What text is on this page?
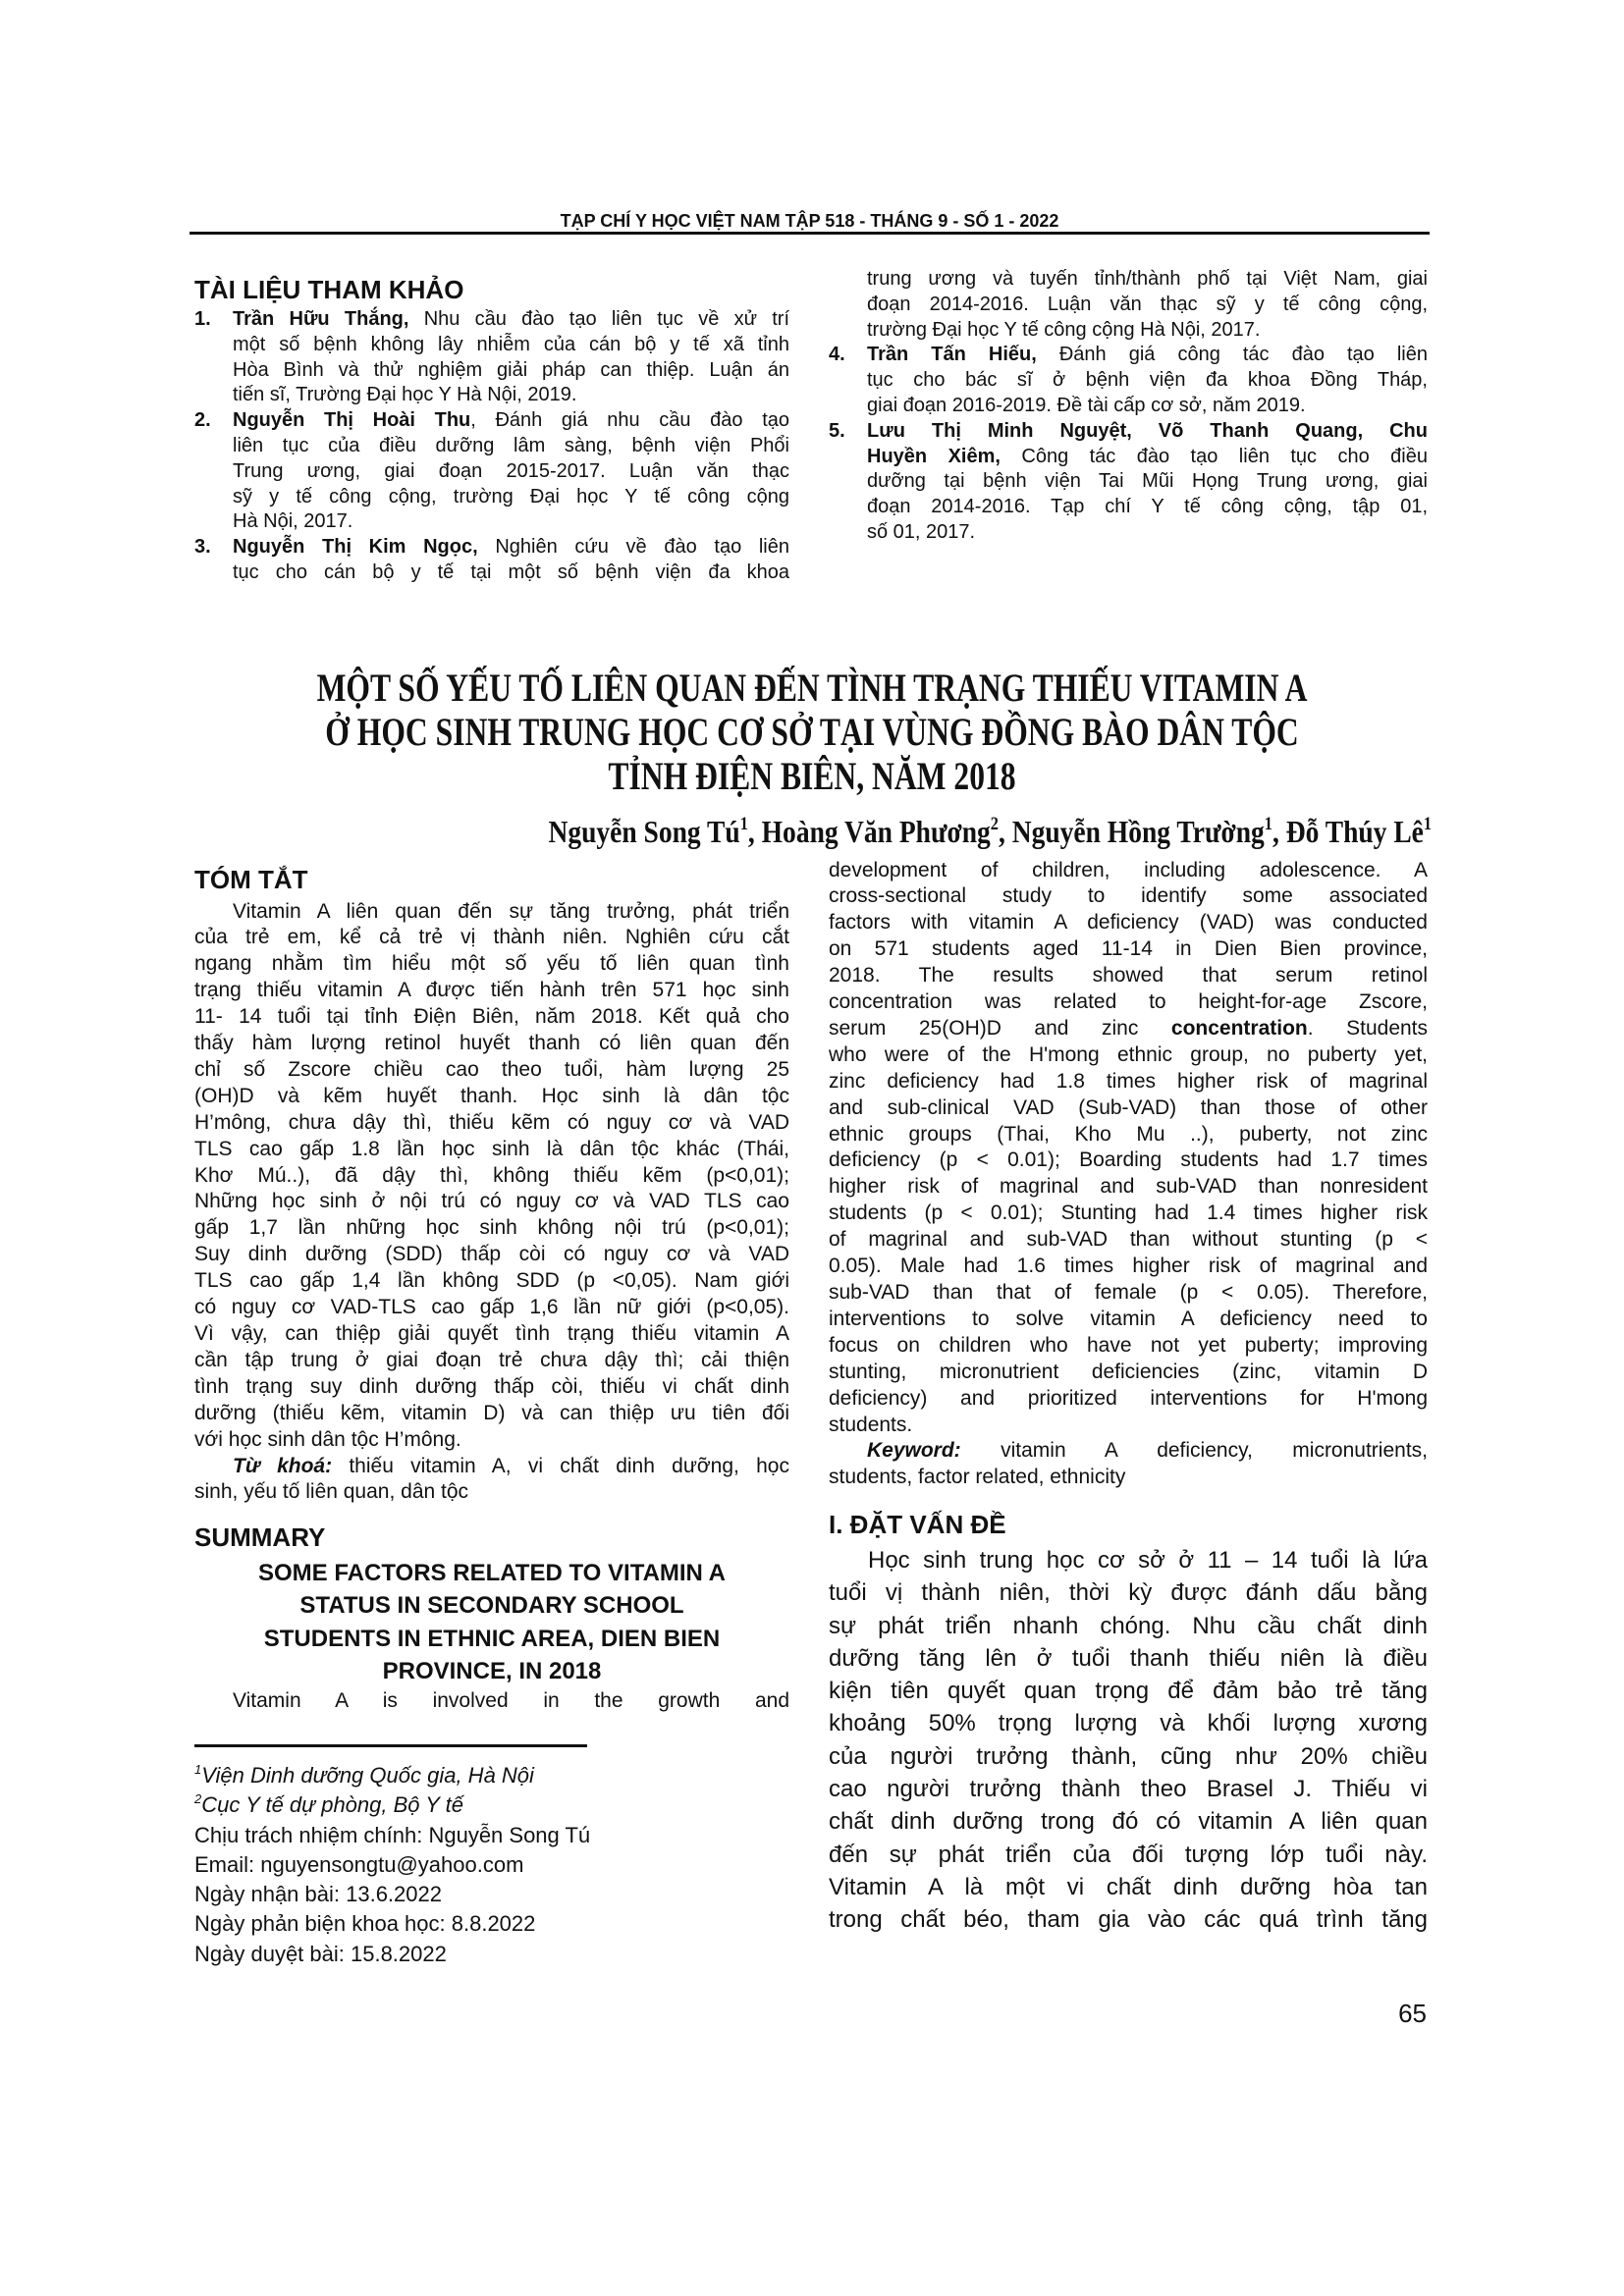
TẠP CHÍ Y HỌC VIỆT NAM TẬP 518 - THÁNG 9 - SỐ 1 - 2022
TÀI LIỆU THAM KHẢO
1. Trần Hữu Thắng, Nhu cầu đào tạo liên tục về xử trí
một số bệnh không lây nhiễm của cán bộ y tế xã tỉnh
Hòa Bình và thử nghiệm giải pháp can thiệp. Luận án
tiến sĩ, Trường Đại học Y Hà Nội, 2019.
2. Nguyễn Thị Hoài Thu, Đánh giá nhu cầu đào tạo
liên tục của điều dưỡng lâm sàng, bệnh viện Phổi
Trung ương, giai đoạn 2015-2017. Luận văn thạc
sỹ y tế công cộng, trường Đại học Y tế công cộng
Hà Nội, 2017.
3. Nguyễn Thị Kim Ngọc, Nghiên cứu về đào tạo liên
tục cho cán bộ y tế tại một số bệnh viện đa khoa
trung ương và tuyến tỉnh/thành phố tại Việt Nam, giai
đoạn 2014-2016. Luận văn thạc sỹ y tế công cộng,
trường Đại học Y tế công cộng Hà Nội, 2017.
4. Trần Tấn Hiếu, Đánh giá công tác đào tạo liên
tục cho bác sĩ ở bệnh viện đa khoa Đồng Tháp,
giai đoạn 2016-2019. Đề tài cấp cơ sở, năm 2019.
5. Lưu Thị Minh Nguyệt, Võ Thanh Quang, Chu
Huyền Xiêm, Công tác đào tạo liên tục cho điều
dưỡng tại bệnh viện Tai Mũi Họng Trung ương, giai
đoạn 2014-2016. Tạp chí Y tế công cộng, tập 01,
số 01, 2017.
MỘT SỐ YẾU TỐ LIÊN QUAN ĐẾN TÌNH TRẠNG THIẾU VITAMIN A
Ở HỌC SINH TRUNG HỌC CƠ SỞ TẠI VÙNG ĐỒNG BÀO DÂN TỘC
TỈNH ĐIỆN BIÊN, NĂM 2018
Nguyễn Song $Tú^1$, Hoàng Văn Phương$^2$, Nguyễn Hồng Trường$^1$, Đỗ Thúy $Lê^1$
TÓM TẮT
Vitamin A liên quan đến sự tăng trưởng, phát triển
của trẻ em, kể cả trẻ vị thành niên. Nghiên cứu cắt
ngang nhằm tìm hiểu một số yếu tố liên quan tình
trạng thiếu vitamin A được tiến hành trên 571 học sinh
11- 14 tuổi tại tỉnh Điện Biên, năm 2018. Kết quả cho
thấy hàm lượng retinol huyết thanh có liên quan đến
chỉ số Zscore chiều cao theo tuổi, hàm lượng 25
(OH)D và kẽm huyết thanh. Học sinh là dân tộc
H’mông, chưa dậy thì, thiếu kẽm có nguy cơ và VAD
TLS cao gấp 1.8 lần học sinh là dân tộc khác (Thái,
Khơ Mú..), đã dậy thì, không thiếu kẽm (p<0,01);
Những học sinh ở nội trú có nguy cơ và VAD TLS cao
gấp 1,7 lần những học sinh không nội trú (p<0,01);
Suy dinh dưỡng (SDD) thấp còi có nguy cơ và VAD
TLS cao gấp 1,4 lần không SDD (p <0,05). Nam giới
có nguy cơ VAD-TLS cao gấp 1,6 lần nữ giới (p<0,05).
Vì vậy, can thiệp giải quyết tình trạng thiếu vitamin A
cần tập trung ở giai đoạn trẻ chưa dậy thì; cải thiện
tình trạng suy dinh dưỡng thấp còi, thiếu vi chất dinh
dưỡng (thiếu kẽm, vitamin D) và can thiệp ưu tiên đối
với học sinh dân tộc H’mông.
Từ khoá: thiếu vitamin A, vi chất dinh dưỡng, học
sinh, yếu tố liên quan, dân tộc
SUMMARY
SOME FACTORS RELATED TO VITAMIN A
STATUS IN SECONDARY SCHOOL
STUDENTS IN ETHNIC AREA, DIEN BIEN
PROVINCE, IN 2018
Vitamin A is involved in the growth and
$^1$Viện Dinh dưỡng Quốc gia, Hà Nội
$^2$Cục Y tế dự phòng, Bộ Y tế
Chịu trách nhiệm chính: Nguyễn Song Tú
Email: nguyensongtu@yahoo.com
Ngày nhận bài: 13.6.2022
Ngày phản biện khoa học: 8.8.2022
Ngày duyệt bài: 15.8.2022
development of children, including adolescence. A
cross-sectional study to identify some associated
factors with vitamin A deficiency (VAD) was conducted
on 571 students aged 11-14 in Dien Bien province,
2018. The results showed that serum retinol
concentration was related to height-for-age Zscore,
serum 25(OH)D and zinc concentration. Students
who were of the H'mong ethnic group, no puberty yet,
zinc deficiency had 1.8 times higher risk of magrinal
and sub-clinical VAD (Sub-VAD) than those of other
ethnic groups (Thai, Kho Mu ..), puberty, not zinc
deficiency (p < 0.01); Boarding students had 1.7 times
higher risk of magrinal and sub-VAD than nonresident
students (p < 0.01); Stunting had 1.4 times higher risk
of magrinal and sub-VAD than without stunting (p <
0.05). Male had 1.6 times higher risk of magrinal and
sub-VAD than that of female (p < 0.05). Therefore,
interventions to solve vitamin A deficiency need to
focus on children who have not yet puberty; improving
stunting, micronutrient deficiencies (zinc, vitamin D
deficiency) and prioritized interventions for H'mong
students.
Keyword: vitamin A deficiency, micronutrients,
students, factor related, ethnicity
I. ĐẶT VẤN ĐỀ
Học sinh trung học cơ sở ở 11 – 14 tuổi là lứa
tuổi vị thành niên, thời kỳ được đánh dấu bằng
sự phát triển nhanh chóng. Nhu cầu chất dinh
dưỡng tăng lên ở tuổi thanh thiếu niên là điều
kiện tiên quyết quan trọng để đảm bảo trẻ tăng
khoảng 50% trọng lượng và khối lượng xương
của người trưởng thành, cũng như 20% chiều
cao người trưởng thành theo Brasel J. Thiếu vi
chất dinh dưỡng trong đó có vitamin A liên quan
đến sự phát triển của đối tượng lớp tuổi này.
Vitamin A là một vi chất dinh dưỡng hòa tan
trong chất béo, tham gia vào các quá trình tăng
65
